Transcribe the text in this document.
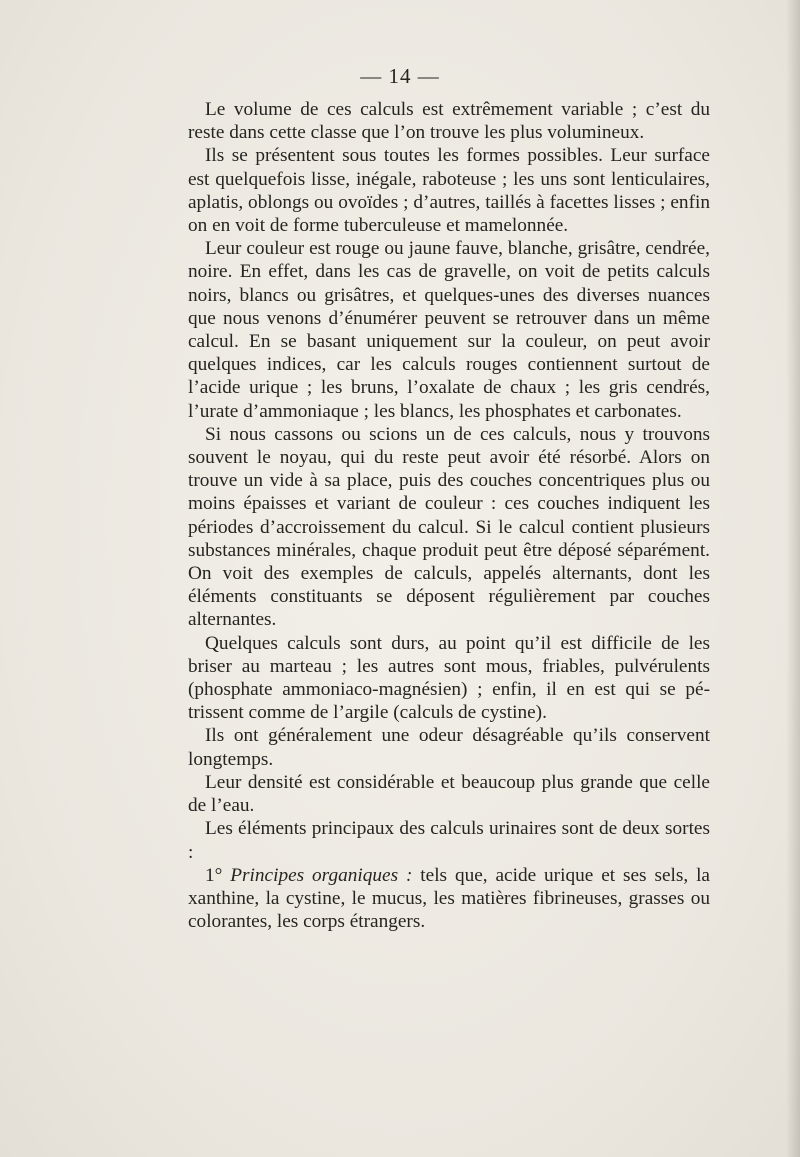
— 14 —

Le volume de ces calculs est extrêmement variable ; c’est du reste dans cette classe que l’on trouve les plus volumineux.

Ils se présentent sous toutes les formes possibles. Leur surface est quelquefois lisse, inégale, raboteuse ; les uns sont lenticulaires, aplatis, oblongs ou ovoïdes ; d’autres, taillés à facettes lisses ; enfin on en voit de forme tuberculeuse et mamelonnée.

Leur couleur est rouge ou jaune fauve, blanche, grisâtre, cendrée, noire. En effet, dans les cas de gravelle, on voit de petits calculs noirs, blancs ou grisâtres, et quelques-unes des diverses nuances que nous venons d’énumérer peuvent se retrouver dans un même calcul. En se basant uniquement sur la couleur, on peut avoir quelques indices, car les calculs rouges contiennent surtout de l’acide urique ; les bruns, l’oxalate de chaux ; les gris cendrés, l’urate d’ammoniaque ; les blancs, les phosphates et carbonates.

Si nous cassons ou scions un de ces calculs, nous y trouvons souvent le noyau, qui du reste peut avoir été résorbé. Alors on trouve un vide à sa place, puis des couches concentriques plus ou moins épaisses et variant de couleur : ces couches indiquent les périodes d’accroissement du calcul. Si le calcul contient plusieurs substances minérales, chaque produit peut être déposé séparément. On voit des exemples de calculs, appelés alternants, dont les éléments constituants se déposent régulièrement par couches alternantes.

Quelques calculs sont durs, au point qu’il est difficile de les briser au marteau ; les autres sont mous, friables, pulvérulents (phosphate ammoniaco-magnésien) ; enfin, il en est qui se pétrissent comme de l’argile (calculs de cystine).

Ils ont généralement une odeur désagréable qu’ils conservent longtemps.

Leur densité est considérable et beaucoup plus grande que celle de l’eau.

Les éléments principaux des calculs urinaires sont de deux sortes :

1° Principes organiques : tels que, acide urique et ses sels, la xanthine, la cystine, le mucus, les matières fibrineuses, grasses ou colorantes, les corps étrangers.
